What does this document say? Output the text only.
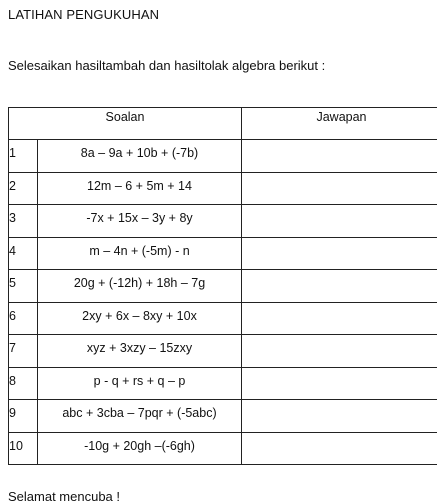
LATIHAN PENGUKUHAN
Selesaikan hasiltambah dan hasiltolak algebra berikut :
Soalan		Jawapan
1	8a – 9a + 10b + (-7b)	
2	12m – 6 + 5m + 14	
3	-7x + 15x – 3y + 8y	
4	m – 4n + (-5m) - n	
5	20g + (-12h) + 18h – 7g	
6	2xy + 6x – 8xy + 10x	
7	xyz + 3xzy – 15zxy	
8	p - q + rs + q – p	
9	abc + 3cba – 7pqr + (-5abc)	
10	-10g + 20gh –(-6gh)	
Selamat mencuba !
